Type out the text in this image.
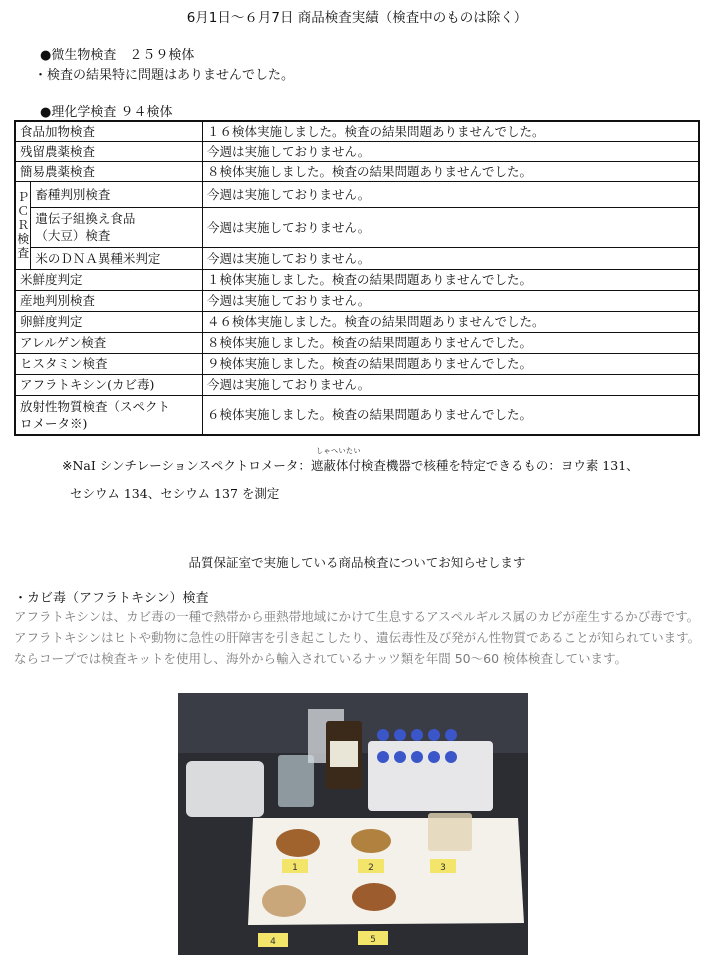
6月1日～６月7日 商品検査実績（検査中のものは除く）
●微生物検査　２５９検体
・検査の結果特に問題はありませんでした。
●理化学検査 ９４検体
食品加物検査		１６検体実施しました。検査の結果問題ありませんでした。
残留農薬検査		今週は実施しておりません。
簡易農薬検査		８検体実施しました。検査の結果問題ありませんでした。

Ｐ
Ｃ
Ｒ
検
査	畜種判別検査	今週は実施しておりません。

	遺伝子組換え食品
（大豆）検査	今週は実施しておりません。
	米のＤＮＡ異種米判定	今週は実施しておりません。
米鮮度判定		１検体実施しました。検査の結果問題ありませんでした。
産地判別検査		今週は実施しておりません。
卵鮮度判定		４６検体実施しました。検査の結果問題ありませんでした。
アレルゲン検査		８検体実施しました。検査の結果問題ありませんでした。
ヒスタミン検査		９検体実施しました。検査の結果問題ありませんでした。
アフラトキシン(カビ毒)		今週は実施しておりません。

放射性物質検査（スペクト
ロメータ※)		６検体実施しました。検査の結果問題ありませんでした。
しゃへいたい
※NaI シンチレーションスペクトロメータ：遮蔽体付検査機器で核種を特定できるもの：ヨウ素 131、
セシウム 134、セシウム 137 を測定
品質保証室で実施している商品検査についてお知らせします
・カビ毒（アフラトキシン）検査
アフラトキシンは、カビ毒の一種で熱帯から亜熱帯地域にかけて生息するアスペルギルス属のカビが産生するかび毒です。アフラトキシンはヒトや動物に急性の肝障害を引き起こしたり、遺伝毒性及び発がん性物質であることが知られています。ならコープでは検査キットを使用し、海外から輸入されているナッツ類を年間 50～60 検体検査しています。
1	2	3
4	5
